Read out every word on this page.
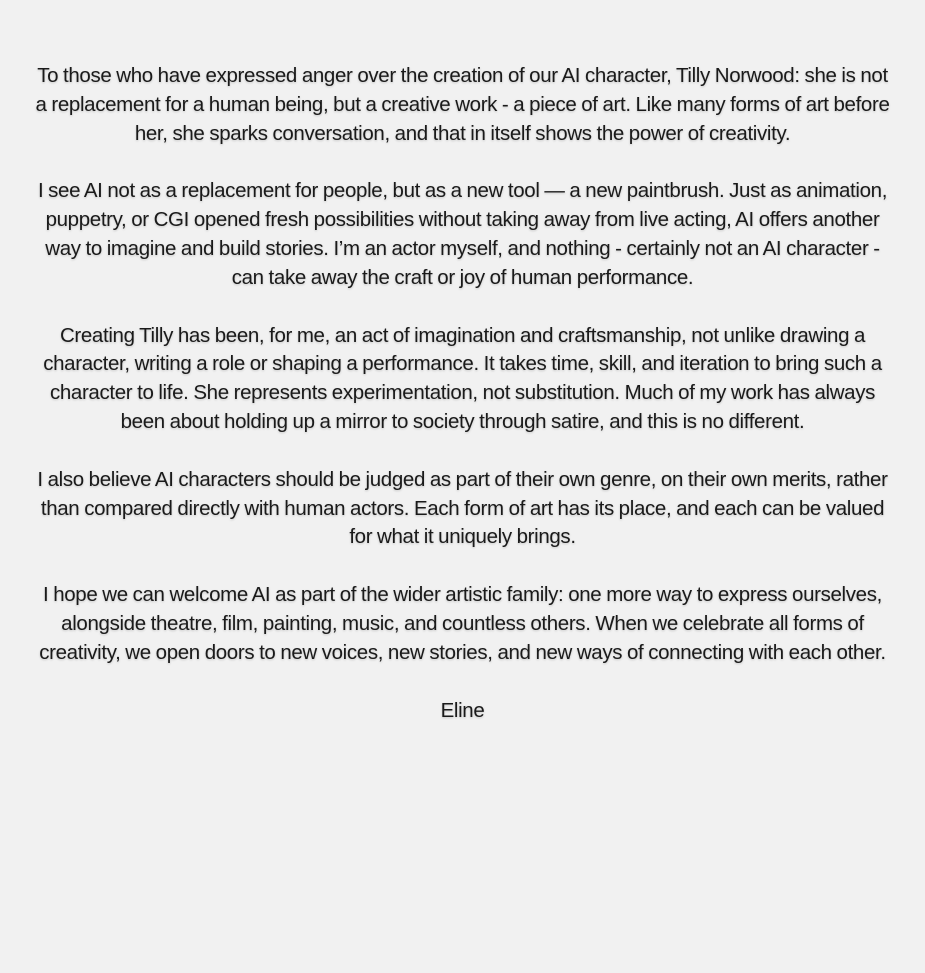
To those who have expressed anger over the creation of our AI character, Tilly Norwood: she is not a replacement for a human being, but a creative work - a piece of art. Like many forms of art before her, she sparks conversation, and that in itself shows the power of creativity.

I see AI not as a replacement for people, but as a new tool — a new paintbrush. Just as animation, puppetry, or CGI opened fresh possibilities without taking away from live acting, AI offers another way to imagine and build stories. I’m an actor myself, and nothing - certainly not an AI character - can take away the craft or joy of human performance.

Creating Tilly has been, for me, an act of imagination and craftsmanship, not unlike drawing a character, writing a role or shaping a performance. It takes time, skill, and iteration to bring such a character to life. She represents experimentation, not substitution. Much of my work has always been about holding up a mirror to society through satire, and this is no different.

I also believe AI characters should be judged as part of their own genre, on their own merits, rather than compared directly with human actors. Each form of art has its place, and each can be valued for what it uniquely brings.

I hope we can welcome AI as part of the wider artistic family: one more way to express ourselves, alongside theatre, film, painting, music, and countless others. When we celebrate all forms of creativity, we open doors to new voices, new stories, and new ways of connecting with each other.

Eline
